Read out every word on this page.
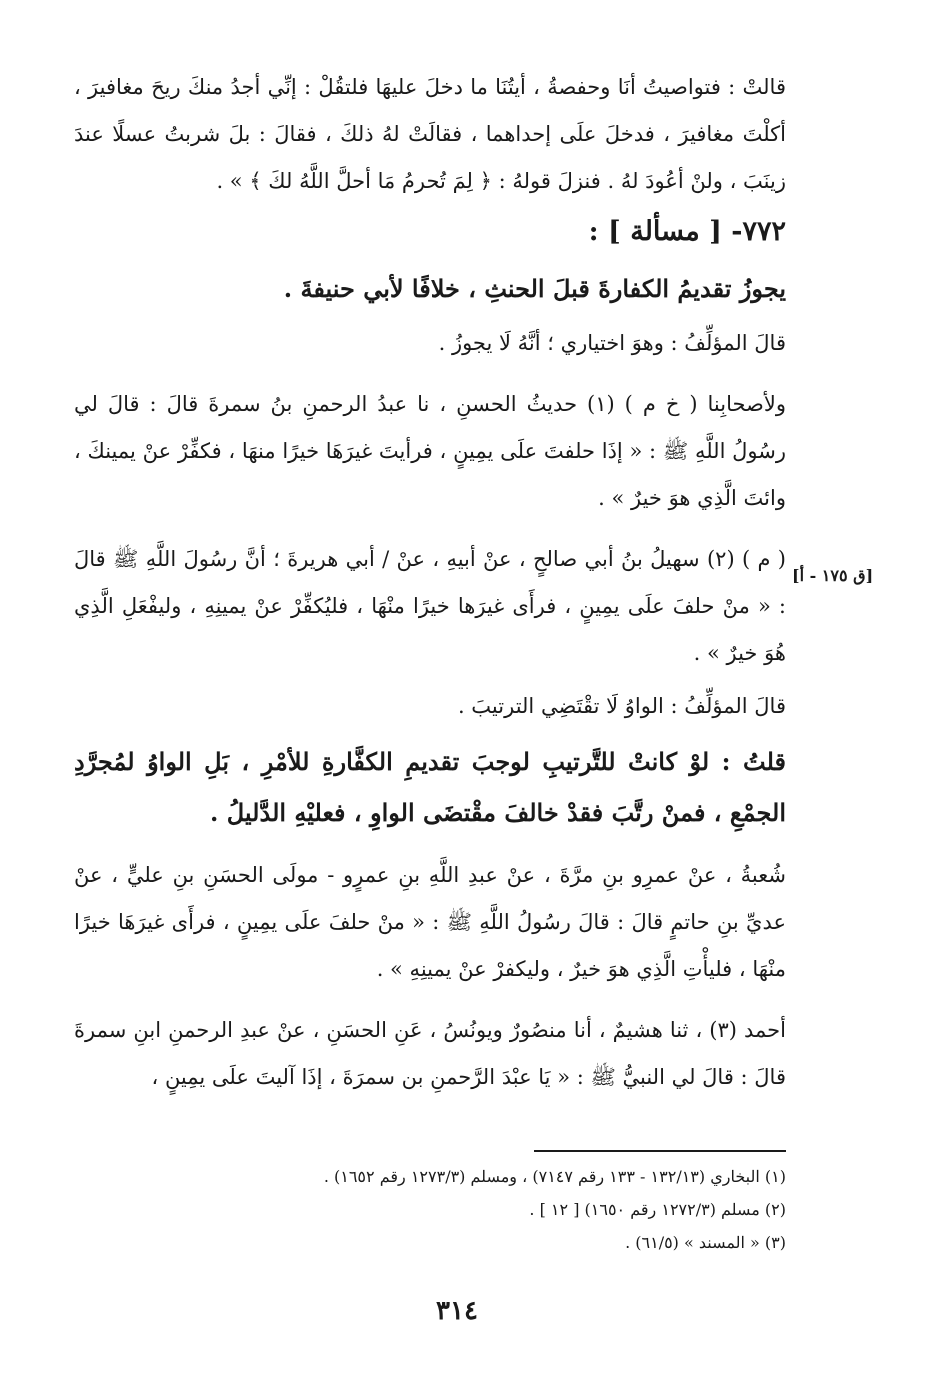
قالتْ : فتواصيتُ أنَا وحفصةُ ، أيتُنَا ما دخلَ عليهَا فلتقُلْ : إنِّي أجدُ منكَ ريحَ مغافيرَ ، أكلْتَ مغافيرَ ، فدخلَ علَى إحداهما ، فقالَتْ لهُ ذلكَ ، فقالَ : بلَ شربتُ عسلًا عندَ زينَبَ ، ولنْ أعُودَ لهُ . فنزلَ قولهُ : ﴿ لِمَ تُحرمُ مَا أحلَّ اللَّهُ لكَ ﴾ » .

٧٧٢- [ مسألة ] :

يجوزُ تقديمُ الكفارةَ قبلَ الحنثِ ، خلافًا لأبي حنيفةَ .

قالَ المؤلِّفُ : وهوَ اختياري ؛ أنَّهُ لَا يجوزُ .

ولأصحابِنا ( خ م ) (١) حديثُ الحسنِ ، نا عبدُ الرحمنِ بنُ سمرةَ قالَ : قالَ لي رسُولُ اللَّهِ ﷺ : « إذَا حلفتَ علَى يمِينٍ ، فرأيتَ غيرَهَا خيرًا منهَا ، فكفِّرْ عنْ يمينكَ ، وائتَ الَّذِي هوَ خيرٌ » .

( م ) (٢) سهيلُ بنُ أبي صالحٍ ، عنْ أبيهِ ، عنْ / أبي هريرةَ ؛ أنَّ رسُولَ اللَّهِ ﷺ قالَ : « منْ حلفَ علَى يمِينٍ ، فرأَى غيرَها خيرًا منْهَا ، فليُكفِّرْ عنْ يمينِهِ ، وليفْعَلِ الَّذِي هُوَ خيرٌ » .

قالَ المؤلِّفُ : الواوُ لَا تقْتَضِي الترتيبَ .

قلتُ : لوْ كانتْ للتَّرتيبِ لوجبَ تقديمِ الكفَّارةِ للأمْرِ ، بَلِ الواوُ لمُجرَّدِ الجمْعِ ، فمنْ رتَّبَ فقدْ خالفَ مقْتضَى الواوِ ، فعليْهِ الدَّليلُ .

شُعبةُ ، عنْ عمرِو بنِ مرَّةَ ، عنْ عبدِ اللَّهِ بنِ عمرٍو - مولَى الحسَنِ بنِ عليٍّ ، عنْ عديِّ بنِ حاتمٍ قالَ : قالَ رسُولُ اللَّهِ ﷺ : « منْ حلفَ علَى يمِينٍ ، فرأَى غيرَهَا خيرًا منْهَا ، فليأْتِ الَّذِي هوَ خيرٌ ، وليكفرْ عنْ يمينِهِ » .

أحمد (٣) ، ثنا هشيمٌ ، أنا منصُورٌ ويونُسُ ، عَنِ الحسَنِ ، عنْ عبدِ الرحمنِ ابنِ سمرةَ قالَ : قالَ لي النبيُّ ﷺ : « يَا عبْدَ الرَّحمنِ بن سمرَةَ ، إذَا آليتَ علَى يمِينٍ ،

[ق ١٧٥ - أ]

(١) البخاري (١٣٢/١٣ - ١٣٣ رقم ٧١٤٧) ، ومسلم (١٢٧٣/٣ رقم ١٦٥٢) .

(٢) مسلم (١٢٧٢/٣ رقم ١٦٥٠) [ ١٢ ] .

(٣) « المسند » (٦١/٥) .

٣١٤
